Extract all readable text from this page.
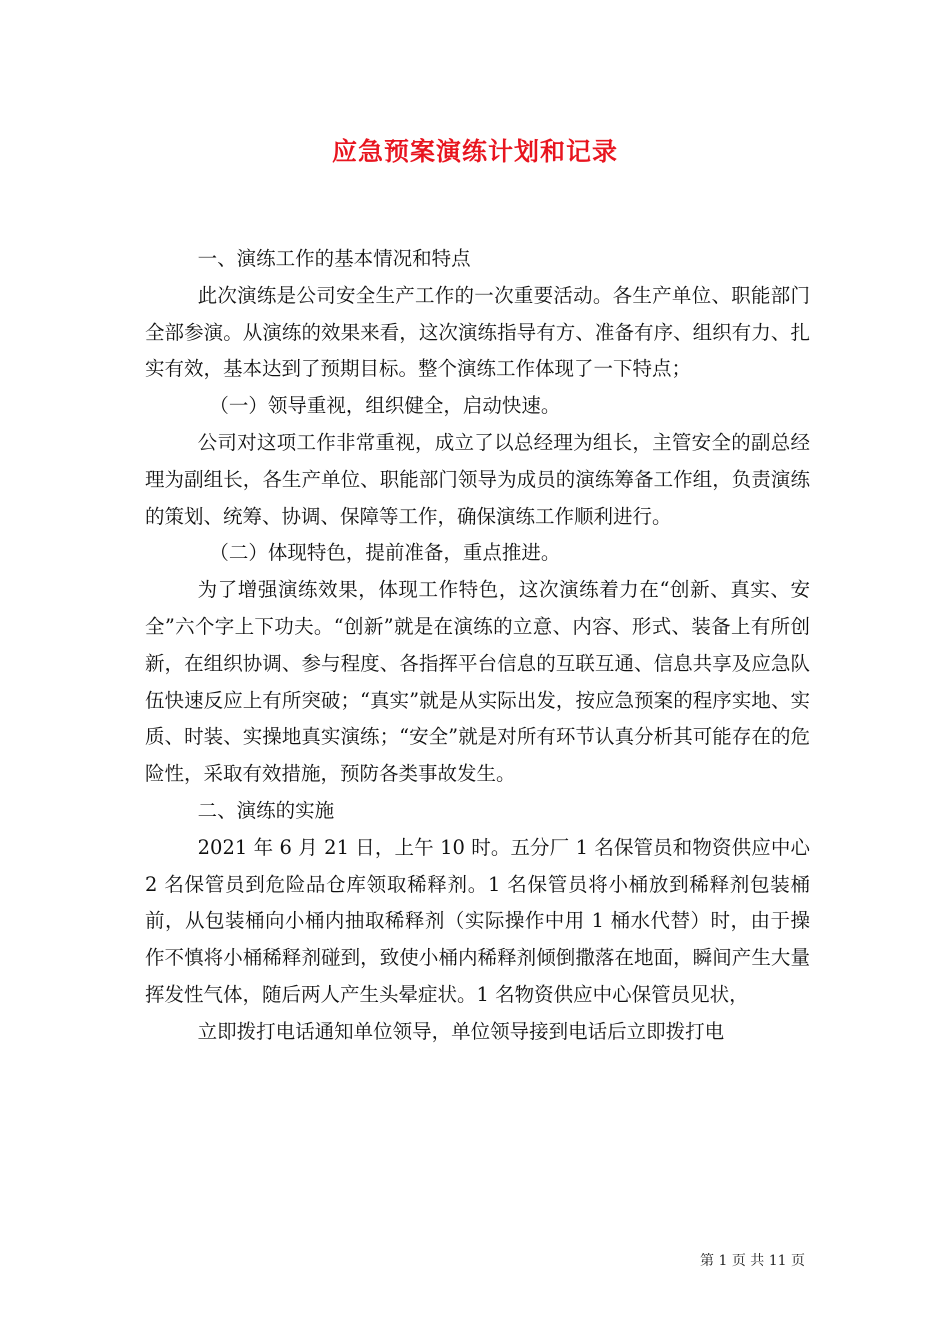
应急预案演练计划和记录

一、演练工作的基本情况和特点

此次演练是公司安全生产工作的一次重要活动。各生产单位、职能部门全部参演。从演练的效果来看，这次演练指导有方、准备有序、组织有力、扎实有效，基本达到了预期目标。整个演练工作体现了一下特点；

（一）领导重视，组织健全，启动快速。

公司对这项工作非常重视，成立了以总经理为组长，主管安全的副总经理为副组长，各生产单位、职能部门领导为成员的演练筹备工作组，负责演练的策划、统筹、协调、保障等工作，确保演练工作顺利进行。

（二）体现特色，提前准备，重点推进。

为了增强演练效果，体现工作特色，这次演练着力在“创新、真实、安全”六个字上下功夫。“创新”就是在演练的立意、内容、形式、装备上有所创新，在组织协调、参与程度、各指挥平台信息的互联互通、信息共享及应急队伍快速反应上有所突破；“真实”就是从实际出发，按应急预案的程序实地、实质、时装、实操地真实演练；“安全”就是对所有环节认真分析其可能存在的危险性，采取有效措施，预防各类事故发生。

二、演练的实施

2021 年 6 月 21 日，上午 10 时。五分厂 1 名保管员和物资供应中心 2 名保管员到危险品仓库领取稀释剂。1 名保管员将小桶放到稀释剂包装桶前，从包装桶向小桶内抽取稀释剂（实际操作中用 1 桶水代替）时，由于操作不慎将小桶稀释剂碰到，致使小桶内稀释剂倾倒撒落在地面，瞬间产生大量挥发性气体，随后两人产生头晕症状。1 名物资供应中心保管员见状，

立即拨打电话通知单位领导，单位领导接到电话后立即拨打电

第 1 页 共 11 页
